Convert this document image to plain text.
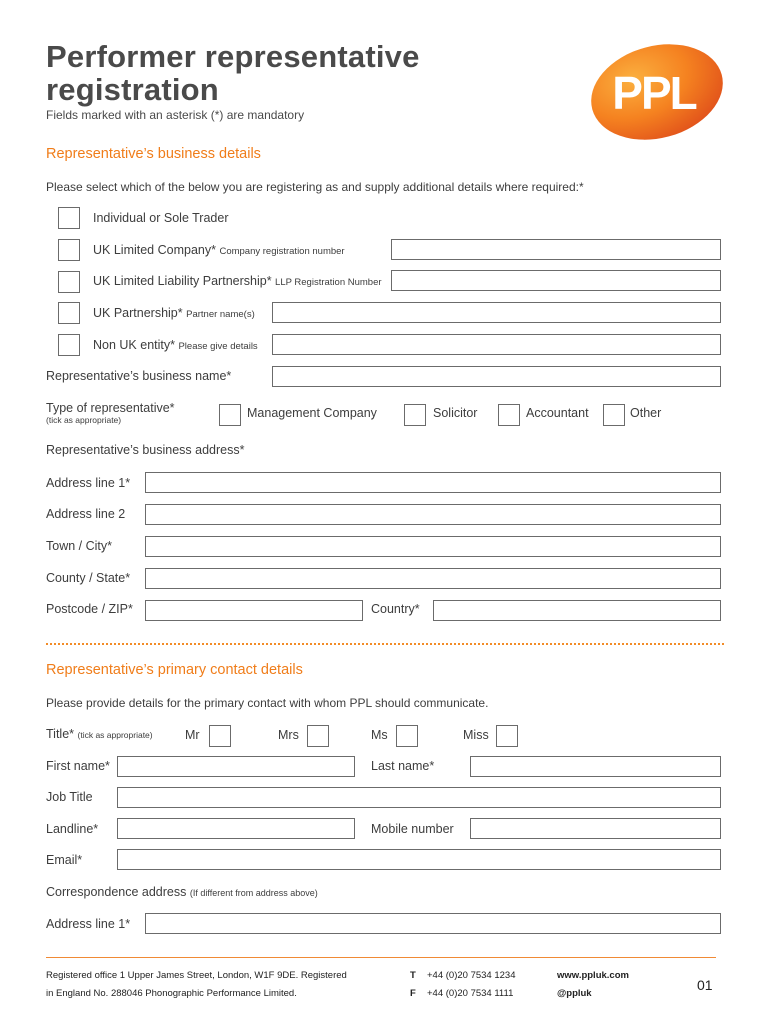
Performer representative
registration
Fields marked with an asterisk (*) are mandatory	PPL
Representative’s business details
Please select which of the below you are registering as and supply additional details where required:*
Individual or Sole Trader
UK Limited Company* Company registration number
UK Limited Liability Partnership* LLP Registration Number
UK Partnership* Partner name(s)
Non UK entity* Please give details
Representative’s business name*
Type of representative*
(tick as appropriate)	Management Company	Solicitor	Accountant	Other
Representative’s business address*
Address line 1*
Address line 2
Town / City*
County / State*
Postcode / ZIP*	Country*
Representative’s primary contact details
Please provide details for the primary contact with whom PPL should communicate.
Title* (tick as appropriate)	Mr	Mrs	Ms	Miss
First name*	Last name*
Job Title
Landline*	Mobile number
Email*
Correspondence address (If different from address above)
Address line 1*
Registered office 1 Upper James Street, London, W1F 9DE. Registered
in England No. 288046 Phonographic Performance Limited.
T +44 (0)20 7534 1234
F +44 (0)20 7534 1111
www.ppluk.com
@ppluk
01
